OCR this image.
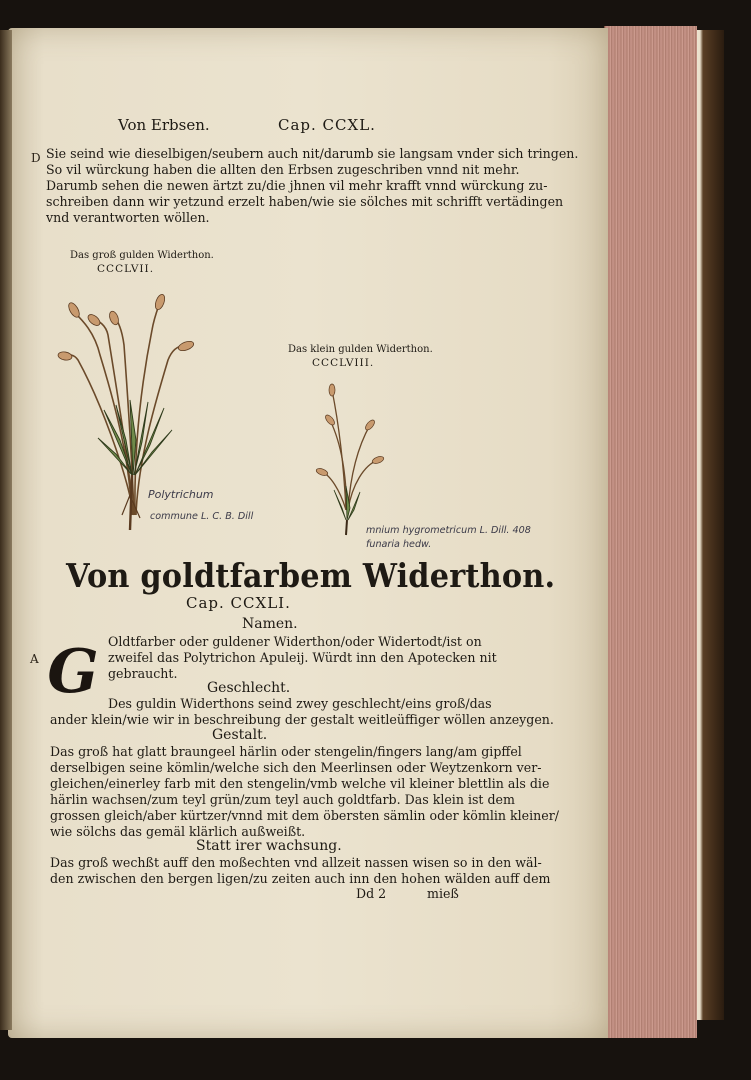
Von Erbsen.	Cap. CCXL.
D Sie seind wie dieselbigen/seubern auch nit/darumb sie langsam vnder sich tringen.
So vil würckung haben die allten den Erbsen zugeschriben vnnd nit mehr.
Darumb sehen die newen ärtzt zu/die jhnen vil mehr krafft vnnd würckung zu-
schreiben dann wir yetzund erzelt haben/wie sie sölches mit schrifft vertädingen
vnd verantworten wöllen.
Das groß gulden Widerthon.
CCCLVII.
Polytrichum
commune L. C. B. Dill
Das klein gulden Widerthon.
CCCLVIII.
mnium hygrometricum L. Dill. 408
funaria hedw.
Von goldtfarbem Widerthon.
Cap. CCXLI.
Namen.
A G Oldtfarber oder guldener Widerthon/oder Widertodt/ist on
zweifel das Polytrichon Apuleij. Würdt inn den Apotecken nit
gebraucht.
Geschlecht.
Des guldin Widerthons seind zwey geschlecht/eins groß/das
ander klein/wie wir in beschreibung der gestalt weitleüffiger wöllen anzeygen.
Gestalt.
Das groß hat glatt braungeel härlin oder stengelin/fingers lang/am gipffel
derselbigen seine kömlin/welche sich den Meerlinsen oder Weytzenkorn ver-
gleichen/einerley farb mit den stengelin/vmb welche vil kleiner blettlin als die
härlin wachsen/zum teyl grün/zum teyl auch goldtfarb. Das klein ist dem
grossen gleich/aber kürtzer/vnnd mit dem öbersten sämlin oder kömlin kleiner/
wie sölchs das gemäl klärlich außweißt.
Statt irer wachsung.
Das groß wechßt auff den moßechten vnd allzeit nassen wisen so in den wäl-
den zwischen den bergen ligen/zu zeiten auch inn den hohen wälden auff dem
Dd 2	mieß
